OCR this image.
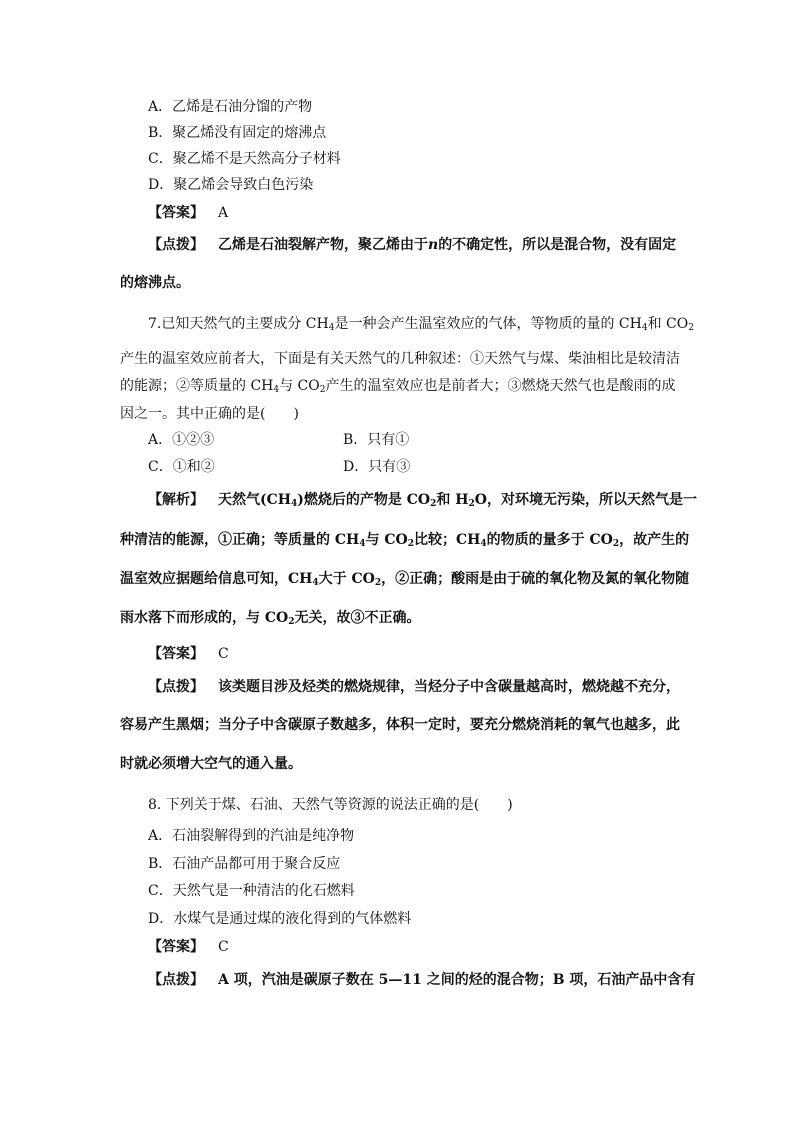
A．乙烯是石油分馏的产物
B．聚乙烯没有固定的熔沸点
C．聚乙烯不是天然高分子材料
D．聚乙烯会导致白色污染
【答案】 A
【点拨】 乙烯是石油裂解产物，聚乙烯由于n的不确定性，所以是混合物，没有固定
的熔沸点。
7.已知天然气的主要成分 $CH_4$是一种会产生温室效应的气体，等物质的量的 $CH_4$和 $CO_2$
产生的温室效应前者大，下面是有关天然气的几种叙述：①天然气与煤、柴油相比是较清洁
的能源；②等质量的 $CH_4$与 $CO_2$产生的温室效应也是前者大；③燃烧天然气也是酸雨的成
因之一。其中正确的是(　　)
A．①②③	B．只有①
C．①和②	D．只有③
【解析】 天然气$(CH_4)$燃烧后的产物是 $CO_2$和 $H_2O$，对环境无污染，所以天然气是一
种清洁的能源，①正确；等质量的 $CH_4$与 $CO_2$比较；$CH_4$的物质的量多于 $CO_2$，故产生的
温室效应据题给信息可知，$CH_4$大于 $CO_2$，②正确；酸雨是由于硫的氧化物及氮的氧化物随
雨水落下而形成的，与 $CO_2$无关，故③不正确。
【答案】 C
【点拨】 该类题目涉及烃类的燃烧规律，当烃分子中含碳量越高时，燃烧越不充分，
容易产生黑烟；当分子中含碳原子数越多，体积一定时，要充分燃烧消耗的氧气也越多，此
时就必须增大空气的通入量。
8. 下列关于煤、石油、天然气等资源的说法正确的是(　　)
A．石油裂解得到的汽油是纯净物
B．石油产品都可用于聚合反应
C．天然气是一种清洁的化石燃料
D．水煤气是通过煤的液化得到的气体燃料
【答案】 C
【点拨】 A 项，汽油是碳原子数在 5—11 之间的烃的混合物；B 项，石油产品中含有
